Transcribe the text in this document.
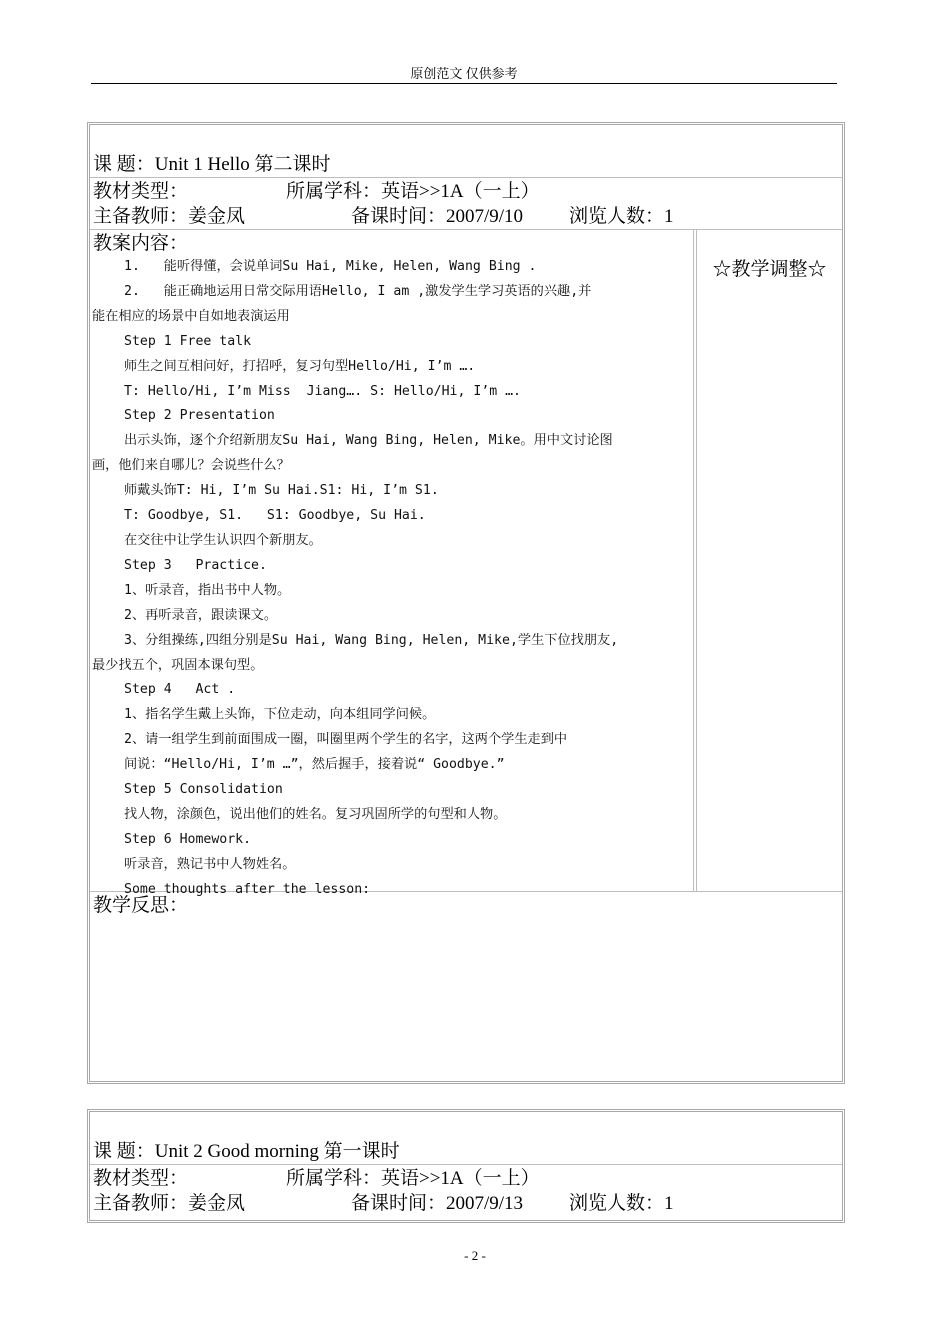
原创范文 仅供参考
课 题：Unit 1 Hello 第二课时
教材类型：	所属学科：英语>>1A（一上）
主备教师：姜金凤	备课时间：2007/9/10 浏览人数：1
教案内容：
1.   能听得懂，会说单词Su Hai, Mike, Helen, Wang Bing .
2.   能正确地运用日常交际用语Hello, I am ,激发学生学习英语的兴趣,并
能在相应的场景中自如地表演运用
Step 1 Free talk
师生之间互相问好，打招呼，复习句型Hello/Hi, I’m ….
T: Hello/Hi, I’m Miss  Jiang…. S: Hello/Hi, I’m ….
Step 2 Presentation
出示头饰，逐个介绍新朋友Su Hai, Wang Bing, Helen, Mike。用中文讨论图
画，他们来自哪儿？会说些什么？
师戴头饰T: Hi, I’m Su Hai.S1: Hi, I’m S1.
T: Goodbye, S1.   S1: Goodbye, Su Hai.
在交往中让学生认识四个新朋友。
Step 3   Practice.
1、听录音，指出书中人物。
2、再听录音，跟读课文。
3、分组操练,四组分别是Su Hai, Wang Bing, Helen, Mike,学生下位找朋友,
最少找五个，巩固本课句型。
Step 4   Act .
1、指名学生戴上头饰，下位走动，向本组同学问候。
2、请一组学生到前面围成一圈，叫圈里两个学生的名字，这两个学生走到中
间说：“Hello/Hi, I’m …”，然后握手，接着说“ Goodbye.”
Step 5 Consolidation
找人物，涂颜色，说出他们的姓名。复习巩固所学的句型和人物。
Step 6 Homework.
听录音，熟记书中人物姓名。
Some thoughts after the lesson:
☆教学调整☆
教学反思：
课 题：Unit 2 Good morning 第一课时
教材类型：	所属学科：英语>>1A（一上）
主备教师：姜金凤	备课时间：2007/9/13 浏览人数：1
- 2 -
